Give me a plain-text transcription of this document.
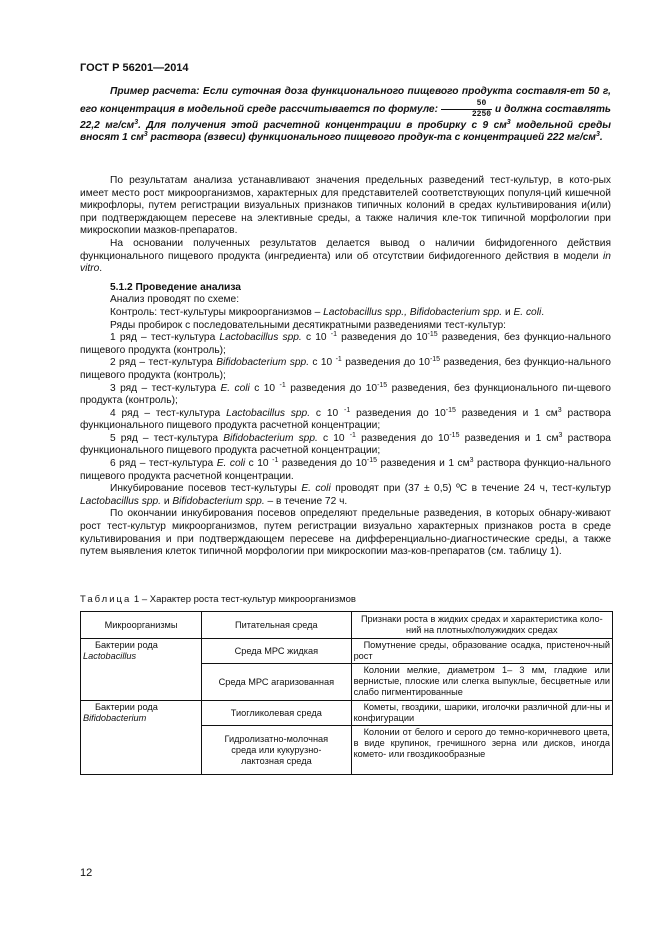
ГОСТ Р 56201—2014

Пример расчета: Если суточная доза функционального пищевого продукта составля-ет 50 г, его концентрация в модельной среде рассчитывается по формуле: $\frac{50}{2250}$ и должна составлять 22,2 $мг/см^3$. Для получения этой расчетной концентрации в пробирку с 9 $см^3$ модельной среды вносят 1 $см^3$ раствора (взвеси) функционального пищевого продук-та с концентрацией 222 $мг/см^3$.

По результатам анализа устанавливают значения предельных разведений тест-культур, в кото-рых имеет место рост микроорганизмов, характерных для представителей соответствующих популя-ций кишечной микрофлоры, путем регистрации визуальных признаков типичных колоний в средах культивирования и(или) при подтверждающем пересеве на элективные среды, а также наличия кле-ток типичной морфологии при микроскопии мазков-препаратов.

На основании полученных результатов делается вывод о наличии бифидогенного действия функционального пищевого продукта (ингредиента) или об отсутствии бифидогенного действия в модели in vitro.

5.1.2 Проведение анализа

Анализ проводят по схеме:

Контроль: тест-культуры микроорганизмов – Lactobacillus spp., Bifidobacterium spp. и E. coli.

Ряды пробирок с последовательными десятикратными разведениями тест-культур:

1 ряд – тест-культура Lactobacillus spp. с 10 $^{-1}$ разведения до $10^{-15}$ разведения, без функцио-нального пищевого продукта (контроль);

2 ряд – тест-культура Bifidobacterium spp. с 10 $^{-1}$ разведения до $10^{-15}$ разведения, без функцио-нального пищевого продукта (контроль);

3 ряд – тест-культура E. coli с 10 $^{-1}$ разведения до $10^{-15}$ разведения, без функционального пи-щевого продукта (контроль);

4 ряд – тест-культура Lactobacillus spp. с 10 $^{-1}$ разведения до $10^{-15}$ разведения и 1 $см^3$ раствора функционального пищевого продукта расчетной концентрации;

5 ряд – тест-культура Bifidobacterium spp. с 10 $^{-1}$ разведения до $10^{-15}$ разведения и 1 $см^3$ раствора функционального пищевого продукта расчетной концентрации;

6 ряд – тест-культура E. coli с 10 $^{-1}$ разведения до $10^{-15}$ разведения и 1 $см^3$ раствора функцио-нального пищевого продукта расчетной концентрации.

Инкубирование посевов тест-культуры E. coli проводят при (37 ± 0,5) ºС в течение 24 ч, тест-культур Lactobacillus spp. и Bifidobacterium spp. – в течение 72 ч.

По окончании инкубирования посевов определяют предельные разведения, в которых обнару-живают рост тест-культур микроорганизмов, путем регистрации визуально характерных признаков роста в среде культивирования и при подтверждающем пересеве на дифференциально-диагностические среды, а также путем выявления клеток типичной морфологии при микроскопии маз-ков-препаратов (см. таблицу 1).

Таблица 1 – Характер роста тест-культур микроорганизмов
Микроорганизмы	Питательная среда	Признаки роста в жидких средах и характеристика коло-ний на плотных/полужидких средах

Бактерии рода
Lactobacillus	Среда МРС жидкая	Помутнение среды, образование осадка, пристеноч-ный рост
	Среда МРС агаризованная	Колонии мелкие, диаметром 1– 3 мм, гладкие или вернистые, плоские или слегка выпуклые, бесцветные или слабо пигментированные

Бактерии рода
Bifidobacterium	Тиогликолевая среда	Кометы, гвоздики, шарики, иголочки различной дли-ны и конфигурации
	Гидролизатно-молочная среда или кукурузно-лактозная среда	Колонии от белого и серого до темно-коричневого цвета, в виде крупинок, гречишного зерна или дисков, иногда комето- или гвоздикообразные
12
